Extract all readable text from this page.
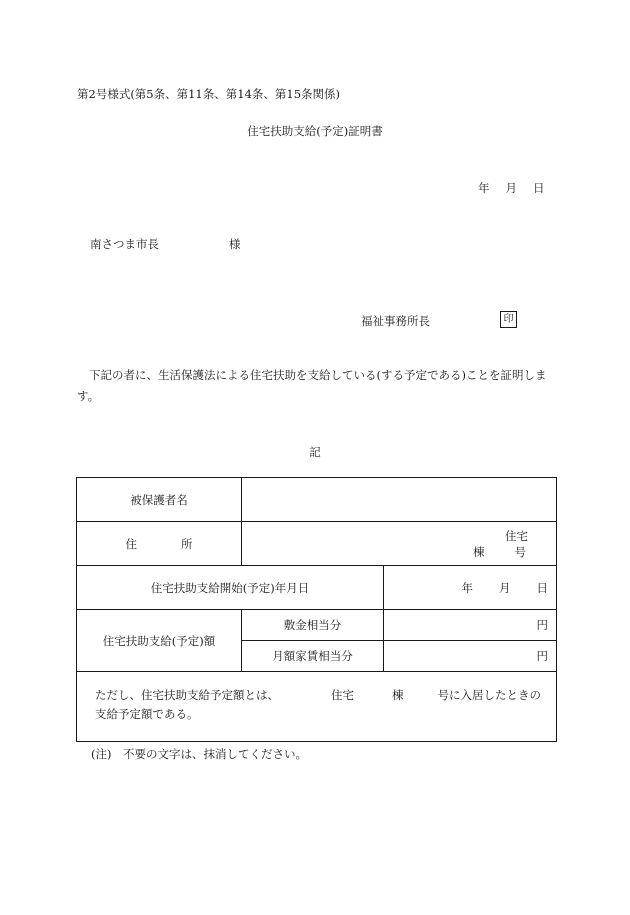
第2号様式(第5条、第11条、第14条、第15条関係)
住宅扶助支給(予定)証明書
年 月 日
南さつま市長	様
福祉事務所長	印
下記の者に、生活保護法による住宅扶助を支給している(する予定である)ことを証明します。
記
被保護者名		
住 所	住宅
棟 号	

住宅扶助支給開始(予定)年月日		年 月 日
住宅扶助支給(予定)額	敷金相当分	円
	月額家賃相当分	円
ただし、住宅扶助支給予定額とは、 住宅 棟 号に入居したときの支給予定額である。		
(注)　不要の文字は、抹消してください。
